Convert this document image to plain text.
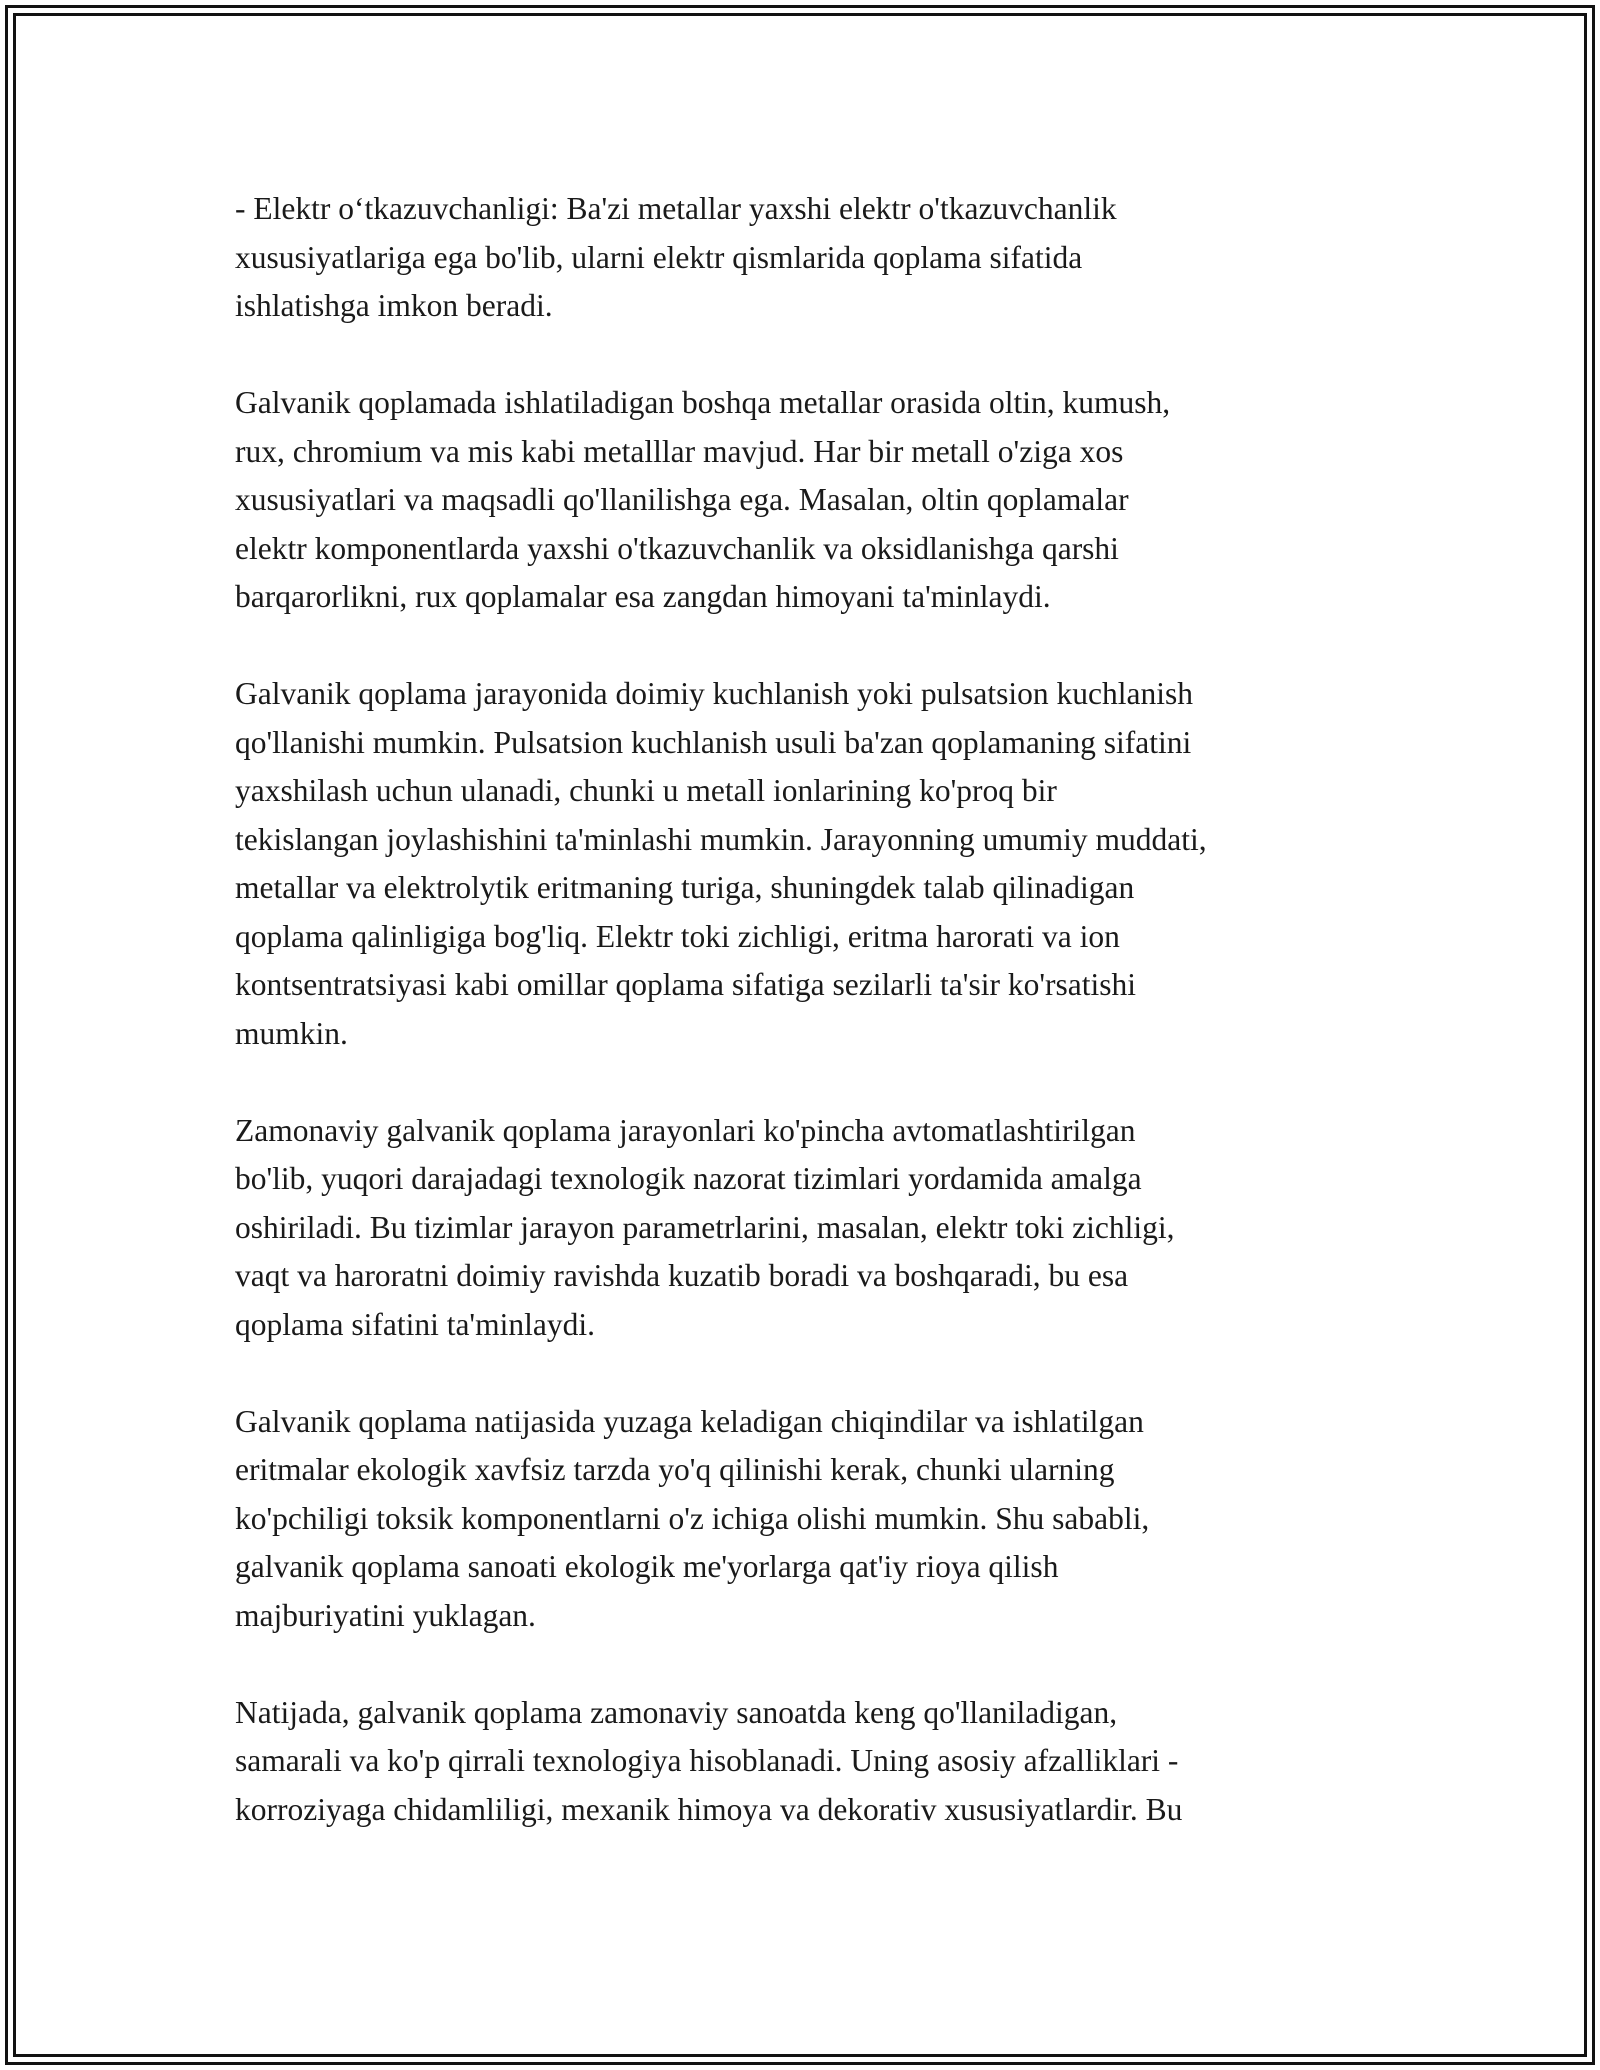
- Elektr o‘tkazuvchanligi: Ba'zi metallar yaxshi elektr o'tkazuvchanlik
xususiyatlariga ega bo'lib, ularni elektr qismlarida qoplama sifatida
ishlatishga imkon beradi.

Galvanik qoplamada ishlatiladigan boshqa metallar orasida oltin, kumush,
rux, chromium va mis kabi metalllar mavjud. Har bir metall o'ziga xos
xususiyatlari va maqsadli qo'llanilishga ega. Masalan, oltin qoplamalar
elektr komponentlarda yaxshi o'tkazuvchanlik va oksidlanishga qarshi
barqarorlikni, rux qoplamalar esa zangdan himoyani ta'minlaydi.

Galvanik qoplama jarayonida doimiy kuchlanish yoki pulsatsion kuchlanish
qo'llanishi mumkin. Pulsatsion kuchlanish usuli ba'zan qoplamaning sifatini
yaxshilash uchun ulanadi, chunki u metall ionlarining ko'proq bir
tekislangan joylashishini ta'minlashi mumkin. Jarayonning umumiy muddati,
metallar va elektrolytik eritmaning turiga, shuningdek talab qilinadigan
qoplama qalinligiga bog'liq. Elektr toki zichligi, eritma harorati va ion
kontsentratsiyasi kabi omillar qoplama sifatiga sezilarli ta'sir ko'rsatishi
mumkin.

Zamonaviy galvanik qoplama jarayonlari ko'pincha avtomatlashtirilgan
bo'lib, yuqori darajadagi texnologik nazorat tizimlari yordamida amalga
oshiriladi. Bu tizimlar jarayon parametrlarini, masalan, elektr toki zichligi,
vaqt va haroratni doimiy ravishda kuzatib boradi va boshqaradi, bu esa
qoplama sifatini ta'minlaydi.

Galvanik qoplama natijasida yuzaga keladigan chiqindilar va ishlatilgan
eritmalar ekologik xavfsiz tarzda yo'q qilinishi kerak, chunki ularning
ko'pchiligi toksik komponentlarni o'z ichiga olishi mumkin. Shu sababli,
galvanik qoplama sanoati ekologik me'yorlarga qat'iy rioya qilish
majburiyatini yuklagan.

Natijada, galvanik qoplama zamonaviy sanoatda keng qo'llaniladigan,
samarali va ko'p qirrali texnologiya hisoblanadi. Uning asosiy afzalliklari -
korroziyaga chidamliligi, mexanik himoya va dekorativ xususiyatlardir. Bu
